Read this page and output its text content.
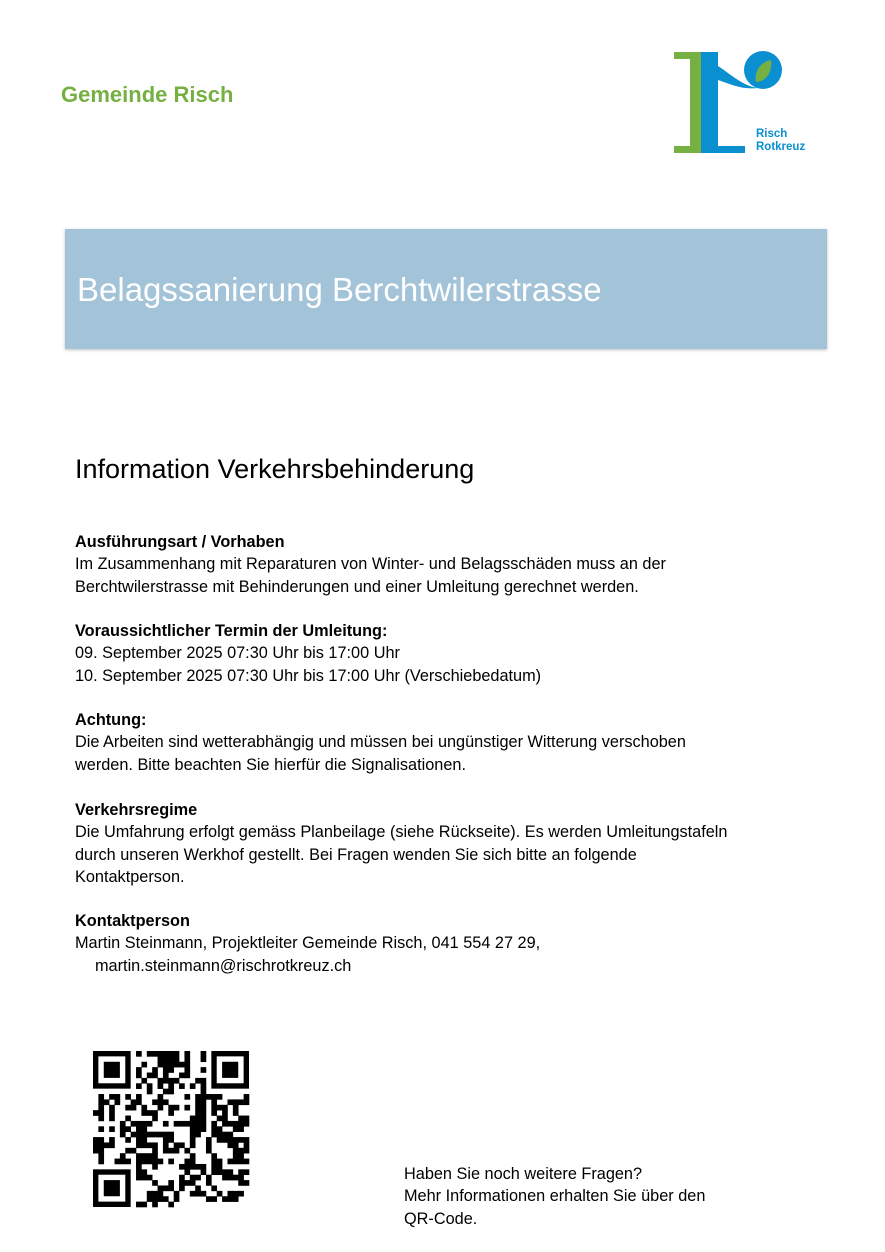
Gemeinde Risch
Risch
Rotkreuz
Belagssanierung Berchtwilerstrasse
Information Verkehrsbehinderung

Ausführungsart / Vorhaben

Im Zusammenhang mit Reparaturen von Winter- und Belagsschäden muss an der

Berchtwilerstrasse mit Behinderungen und einer Umleitung gerechnet werden.

Voraussichtlicher Termin der Umleitung:

09. September 2025 07:30 Uhr bis 17:00 Uhr

10. September 2025 07:30 Uhr bis 17:00 Uhr (Verschiebedatum)

Achtung:

Die Arbeiten sind wetterabhängig und müssen bei ungünstiger Witterung verschoben

werden. Bitte beachten Sie hierfür die Signalisationen.

Verkehrsregime

Die Umfahrung erfolgt gemäss Planbeilage (siehe Rückseite). Es werden Umleitungstafeln

durch unseren Werkhof gestellt. Bei Fragen wenden Sie sich bitte an folgende

Kontaktperson.

Kontaktperson

Martin Steinmann, Projektleiter Gemeinde Risch, 041 554 27 29,

martin.steinmann@rischrotkreuz.ch

Haben Sie noch weitere Fragen?

Mehr Informationen erhalten Sie über den

QR-Code.
